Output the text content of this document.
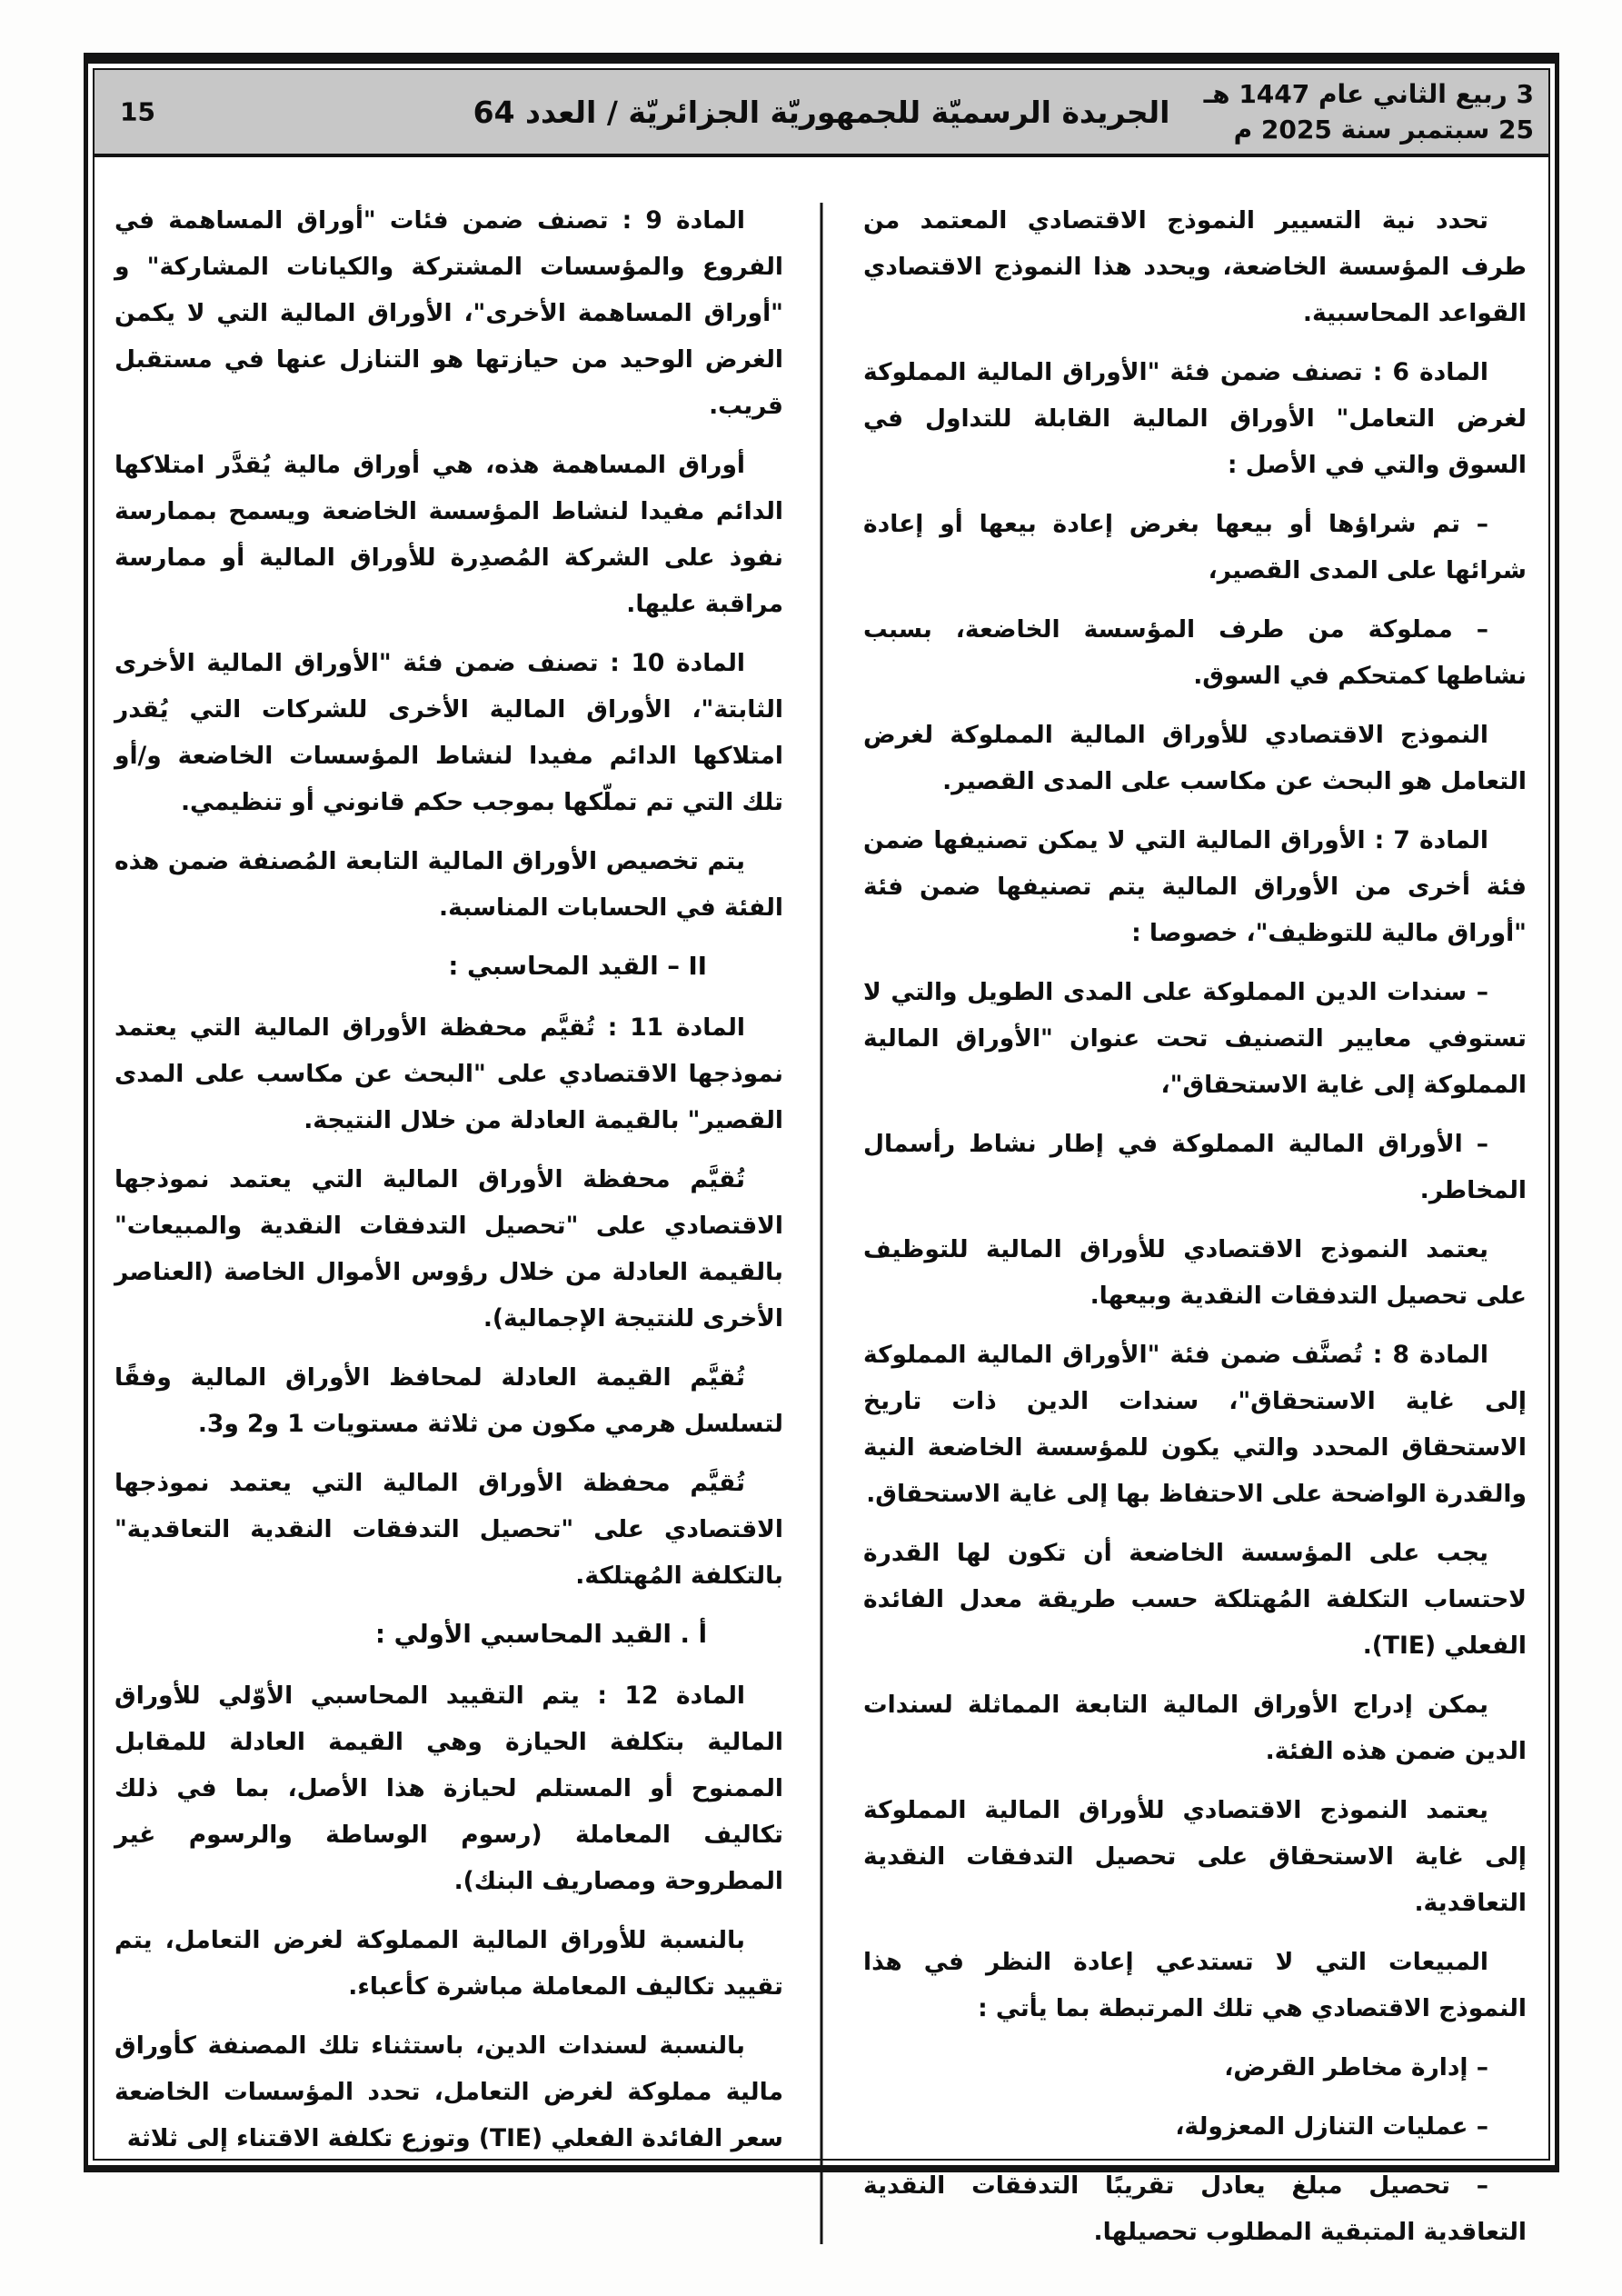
15	الجريدة الرسميّة للجمهوريّة الجزائريّة / العدد 64
3 ربيع الثاني عام 1447 هـ
25 سبتمبر سنة 2025 م

تحدد نية التسيير النموذج الاقتصادي المعتمد من طرف المؤسسة الخاضعة، ويحدد هذا النموذج الاقتصادي القواعد المحاسبية.

المادة 6 : تصنف ضمن فئة "الأوراق المالية المملوكة لغرض التعامل" الأوراق المالية القابلة للتداول في السوق والتي في الأصل :

– تم شراؤها أو بيعها بغرض إعادة بيعها أو إعادة شرائها على المدى القصير،

– مملوكة من طرف المؤسسة الخاضعة، بسبب نشاطها كمتحكم في السوق.

النموذج الاقتصادي للأوراق المالية المملوكة لغرض التعامل هو البحث عن مكاسب على المدى القصير.

المادة 7 : الأوراق المالية التي لا يمكن تصنيفها ضمن فئة أخرى من الأوراق المالية يتم تصنيفها ضمن فئة "أوراق مالية للتوظيف"، خصوصا :

– سندات الدين المملوكة على المدى الطويل والتي لا تستوفي معايير التصنيف تحت عنوان "الأوراق المالية المملوكة إلى غاية الاستحقاق"،

– الأوراق المالية المملوكة في إطار نشاط رأسمال المخاطر.

يعتمد النموذج الاقتصادي للأوراق المالية للتوظيف على تحصيل التدفقات النقدية وبيعها.

المادة 8 : تُصنَّف ضمن فئة "الأوراق المالية المملوكة إلى غاية الاستحقاق"، سندات الدين ذات تاريخ الاستحقاق المحدد والتي يكون للمؤسسة الخاضعة النية والقدرة الواضحة على الاحتفاظ بها إلى غاية الاستحقاق.

يجب على المؤسسة الخاضعة أن تكون لها القدرة لاحتساب التكلفة المُهتلكة حسب طريقة معدل الفائدة الفعلي (TIE).

يمكن إدراج الأوراق المالية التابعة المماثلة لسندات الدين ضمن هذه الفئة.

يعتمد النموذج الاقتصادي للأوراق المالية المملوكة إلى غاية الاستحقاق على تحصيل التدفقات النقدية التعاقدية.

المبيعات التي لا تستدعي إعادة النظر في هذا النموذج الاقتصادي هي تلك المرتبطة بما يأتي :

– إدارة مخاطر القرض،

– عمليات التنازل المعزولة،

– تحصيل مبلغ يعادل تقريبًا التدفقات النقدية التعاقدية المتبقية المطلوب تحصيلها.

المادة 9 : تصنف ضمن فئات "أوراق المساهمة في الفروع والمؤسسات المشتركة والكيانات المشاركة" و "أوراق المساهمة الأخرى"، الأوراق المالية التي لا يكمن الغرض الوحيد من حيازتها هو التنازل عنها في مستقبل قريب.

أوراق المساهمة هذه، هي أوراق مالية يُقدَّر امتلاكها الدائم مفيدا لنشاط المؤسسة الخاضعة ويسمح بممارسة نفوذ على الشركة المُصدِرة للأوراق المالية أو ممارسة مراقبة عليها.

المادة 10 : تصنف ضمن فئة "الأوراق المالية الأخرى الثابتة"، الأوراق المالية الأخرى للشركات التي يُقدر امتلاكها الدائم مفيدا لنشاط المؤسسات الخاضعة و/أو تلك التي تم تملّكها بموجب حكم قانوني أو تنظيمي.

يتم تخصيص الأوراق المالية التابعة المُصنفة ضمن هذه الفئة في الحسابات المناسبة.

II – القيد المحاسبي :

المادة 11 : تُقيَّم محفظة الأوراق المالية التي يعتمد نموذجها الاقتصادي على "البحث عن مكاسب على المدى القصير" بالقيمة العادلة من خلال النتيجة.

تُقيَّم محفظة الأوراق المالية التي يعتمد نموذجها الاقتصادي على "تحصيل التدفقات النقدية والمبيعات" بالقيمة العادلة من خلال رؤوس الأموال الخاصة (العناصر الأخرى للنتيجة الإجمالية).

تُقيَّم القيمة العادلة لمحافظ الأوراق المالية وفقًا لتسلسل هرمي مكون من ثلاثة مستويات 1 و2 و3.

تُقيَّم محفظة الأوراق المالية التي يعتمد نموذجها الاقتصادي على "تحصيل التدفقات النقدية التعاقدية" بالتكلفة المُهتلكة.

أ . القيد المحاسبي الأولي :

المادة 12 : يتم التقييد المحاسبي الأوّلي للأوراق المالية بتكلفة الحيازة وهي القيمة العادلة للمقابل الممنوح أو المستلم لحيازة هذا الأصل، بما في ذلك تكاليف المعاملة (رسوم الوساطة والرسوم غير المطروحة ومصاريف البنك).

بالنسبة للأوراق المالية المملوكة لغرض التعامل، يتم تقييد تكاليف المعاملة مباشرة كأعباء.

بالنسبة لسندات الدين، باستثناء تلك المصنفة كأوراق مالية مملوكة لغرض التعامل، تحدد المؤسسات الخاضعة سعر الفائدة الفعلي (TIE) وتوزع تكلفة الاقتناء إلى ثلاثة
